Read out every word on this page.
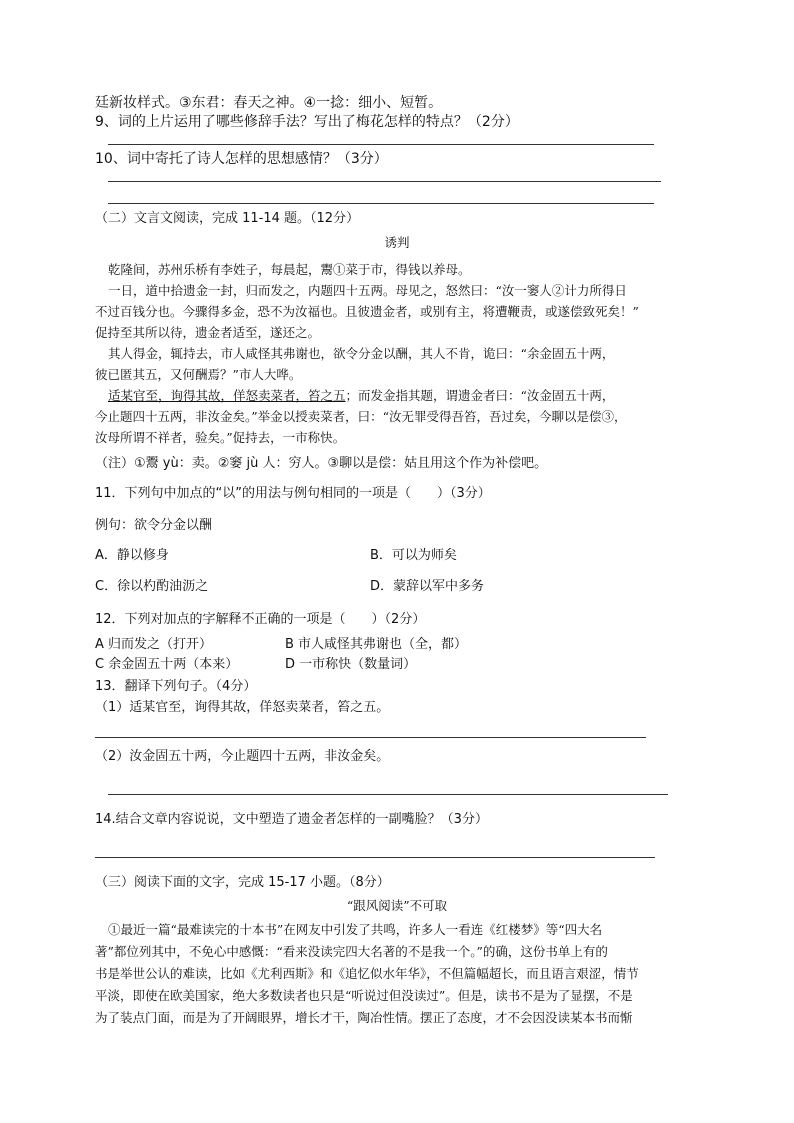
廷新妆样式。③东君：春天之神。④一捻：细小、短暂。
9、词的上片运用了哪些修辞手法？写出了梅花怎样的特点？（2分）
10、词中寄托了诗人怎样的思想感情？（3分）
（二）文言文阅读，完成 11-14 题。（12分）
诱判
乾隆间，苏州乐桥有李姓子，每晨起，鬻①菜于市，得钱以养母。
一日，道中拾遗金一封，归而发之，内题四十五两。母见之，怒然曰：“汝一窭人②计力所得日
不过百钱分也。今骤得多金，恐不为汝福也。且彼遗金者，或别有主，将遭鞭责，或遂偿致死矣！”
促持至其所以待，遗金者适至，遂还之。
其人得金，辄持去，市人咸怪其弗谢也，欲令分金以酬，其人不肯，诡曰：“余金固五十两，
彼已匿其五，又何酬焉？”市人大哗。
适某官至，询得其故，佯怒卖菜者，笞之五；而发金指其题，谓遗金者曰：“汝金固五十两，
今止题四十五两，非汝金矣。”举金以授卖菜者，曰：“汝无罪受得吾笞，吾过矣，今聊以是偿③，
汝母所谓不祥者，验矣。”促持去，一市称快。
（注）①鬻 yù：卖。②窭 jù 人：穷人。③聊以是偿：姑且用这个作为补偿吧。
11．下列句中加点的“以”的用法与例句相同的一项是（　　）（3分）
例句：欲令分金以酬
A．静以修身	B．可以为师矣
C．徐以杓酌油沥之	D．蒙辞以军中多务
12．下列对加点的字解释不正确的一项是（　　）（2分）
A 归而发之（打开）	B 市人咸怪其弗谢也（全，都）
C 余金固五十两（本来）	D 一市称快（数量词）
13．翻译下列句子。（4分）
（1）适某官至，询得其故，佯怒卖菜者，笞之五。
（2）汝金固五十两，今止题四十五两，非汝金矣。
14.结合文章内容说说，文中塑造了遗金者怎样的一副嘴脸？（3分）
（三）阅读下面的文字，完成 15-17 小题。（8分）
“跟风阅读”不可取
①最近一篇“最难读完的十本书”在网友中引发了共鸣，许多人一看连《红楼梦》等“四大名
著”都位列其中，不免心中感慨：“看来没读完四大名著的不是我一个。”的确，这份书单上有的
书是举世公认的难读，比如《尤利西斯》和《追忆似水年华》，不但篇幅超长，而且语言艰涩，情节
平淡，即使在欧美国家，绝大多数读者也只是“听说过但没读过”。但是，读书不是为了显摆，不是
为了装点门面，而是为了开阔眼界，增长才干，陶冶性情。摆正了态度，才不会因没读某本书而惭
